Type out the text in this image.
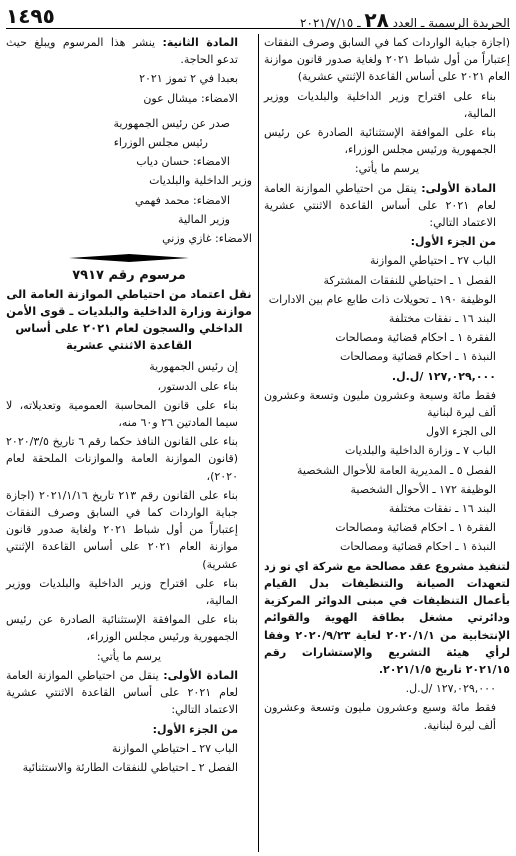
الجريدة الرسمية ـ العدد ٢٨ ـ ٢٠٢١/٧/١٥
١٤٩٥

(اجازة جباية الواردات كما في السابق وصرف النفقات إعتباراً من أول شباط ٢٠٢١ ولغاية صدور قانون موازنة العام ٢٠٢١ على أساس القاعدة الإثنتي عشرية)

بناء على اقتراح وزير الداخلية والبلديات ووزير المالية،

بناء على الموافقة الإستثنائية الصادرة عن رئيس الجمهورية ورئيس مجلس الوزراء،

يرسم ما يأتي:

المادة الأولى: ينقل من احتياطي الموازنة العامة لعام ٢٠٢١ على أساس القاعدة الاثنتي عشرية الاعتماد التالي:

من الجزء الأول:

الباب ٢٧ ـ احتياطي الموازنة

الفصل ١ ـ احتياطي للنفقات المشتركة

الوظيفة ١٩٠ ـ تحويلات ذات طابع عام بين الادارات

البند ١٦ ـ نفقات مختلفة

الفقرة ١ ـ احكام قضائية ومصالحات

النبذة ١ ـ احكام قضائية ومصالحات

١٢٧,٠٢٩,٠٠٠ /ل.ل.

فقط مائة وسبعة وعشرون مليون وتسعة وعشرون ألف ليرة لبنانية

الى الجزء الاول

الباب ٧ ـ وزارة الداخلية والبلديات

الفصل ٥ ـ المديرية العامة للأحوال الشخصية

الوظيفة ١٧٢ ـ الأحوال الشخصية

البند ١٦ ـ نفقات مختلفة

الفقرة ١ ـ احكام قضائية ومصالحات

النبذة ١ ـ احكام قضائية ومصالحات

لتنفيذ مشروع عقد مصالحة مع شركة اي تو زد لتعهدات الصيانة والتنظيفات بدل القيام بأعمال التنظيفات في مبنى الدوائر المركزية ودائرتي مشغل بطاقة الهوية والقوائم الإنتخابية من ٢٠٢٠/١/١ لغاية ٢٠٢٠/٩/٢٣ وفقا لرأي هيئة التشريع والإستشارات رقم ٢٠٢١/١٥ تاريخ ٢٠٢١/١/٥.

١٢٧,٠٢٩,٠٠٠ /ل.ل.

فقط مائة وسبع وعشرون مليون وتسعة وعشرون ألف ليرة لبنانية.

المادة الثانية: ينشر هذا المرسوم ويبلغ حيث تدعو الحاجة.

بعبدا في ٢ تموز ٢٠٢١

الامضاء: ميشال عون

صدر عن رئيس الجمهورية

رئيس مجلس الوزراء

الامضاء: حسان دياب

وزير الداخلية والبلديات

الامضاء: محمد فهمي

وزير المالية

الامضاء: غازي وزني

مرسوم رقم ٧٩١٧
نقل اعتماد من احتياطي الموازنة العامة الى موازنة وزارة الداخلية والبلديات ـ قوى الأمن الداخلي والسجون لعام ٢٠٢١ على أساس القاعدة الاثنتي عشرية

إن رئيس الجمهورية

بناء على الدستور،

بناء على قانون المحاسبة العمومية وتعديلاته، لا سيما المادتين ٢٦ و٦٠ منه،

بناء على القانون النافذ حكما رقم ٦ تاريخ ٢٠٢٠/٣/٥ (قانون الموازنة العامة والموازنات الملحقة لعام ٢٠٢٠)،

بناء على القانون رقم ٢١٣ تاريخ ٢٠٢١/١/١٦ (اجازة جباية الواردات كما في السابق وصرف النفقات إعتباراً من أول شباط ٢٠٢١ ولغاية صدور قانون موازنة العام ٢٠٢١ على أساس القاعدة الإثنتي عشرية)

بناء على اقتراح وزير الداخلية والبلديات ووزير المالية،

بناء على الموافقة الإستثنائية الصادرة عن رئيس الجمهورية ورئيس مجلس الوزراء،

يرسم ما يأتي:

المادة الأولى: ينقل من احتياطي الموازنة العامة لعام ٢٠٢١ على أساس القاعدة الاثنتي عشرية الاعتماد التالي:

من الجزء الأول:

الباب ٢٧ ـ احتياطي الموازنة

الفصل ٢ ـ احتياطي للنفقات الطارئة والاستثنائية
